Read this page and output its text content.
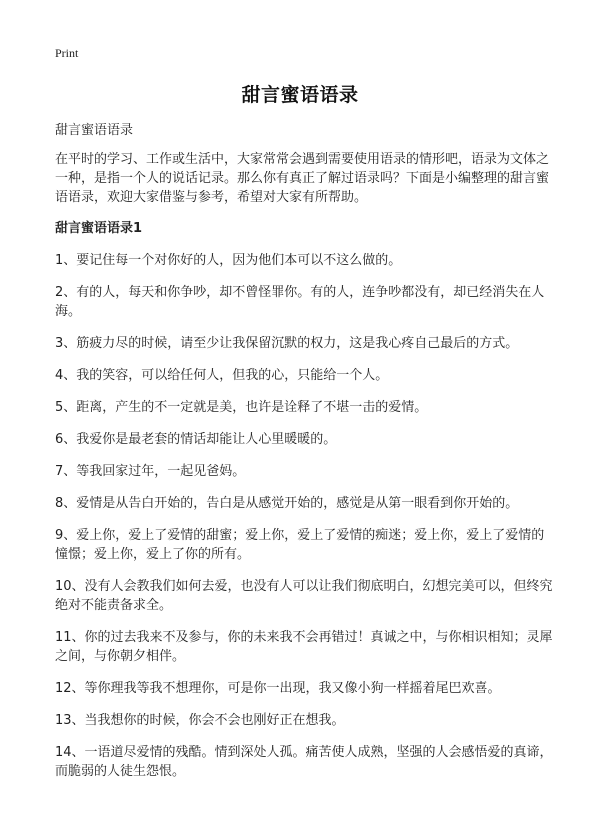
Print
甜言蜜语语录

甜言蜜语语录

在平时的学习、工作或生活中，大家常常会遇到需要使用语录的情形吧，语录为文体之一种，是指一个人的说话记录。那么你有真正了解过语录吗？下面是小编整理的甜言蜜语语录，欢迎大家借鉴与参考，希望对大家有所帮助。

甜言蜜语语录1

1、要记住每一个对你好的人，因为他们本可以不这么做的。
2、有的人，每天和你争吵，却不曾怪罪你。有的人，连争吵都没有，却已经消失在人海。
3、筋疲力尽的时候，请至少让我保留沉默的权力，这是我心疼自己最后的方式。
4、我的笑容，可以给任何人，但我的心，只能给一个人。
5、距离，产生的不一定就是美，也许是诠释了不堪一击的爱情。
6、我爱你是最老套的情话却能让人心里暖暖的。
7、等我回家过年，一起见爸妈。
8、爱情是从告白开始的，告白是从感觉开始的，感觉是从第一眼看到你开始的。
9、爱上你，爱上了爱情的甜蜜；爱上你，爱上了爱情的痴迷；爱上你，爱上了爱情的憧憬；爱上你，爱上了你的所有。
10、没有人会教我们如何去爱，也没有人可以让我们彻底明白，幻想完美可以，但终究绝对不能责备求全。
11、你的过去我来不及参与，你的未来我不会再错过！真诚之中，与你相识相知；灵犀之间，与你朝夕相伴。
12、等你理我等我不想理你，可是你一出现，我又像小狗一样摇着尾巴欢喜。
13、当我想你的时候，你会不会也刚好正在想我。
14、一语道尽爱情的残酷。情到深处人孤。痛苦使人成熟，坚强的人会感悟爱的真谛，而脆弱的人徒生怨恨。
